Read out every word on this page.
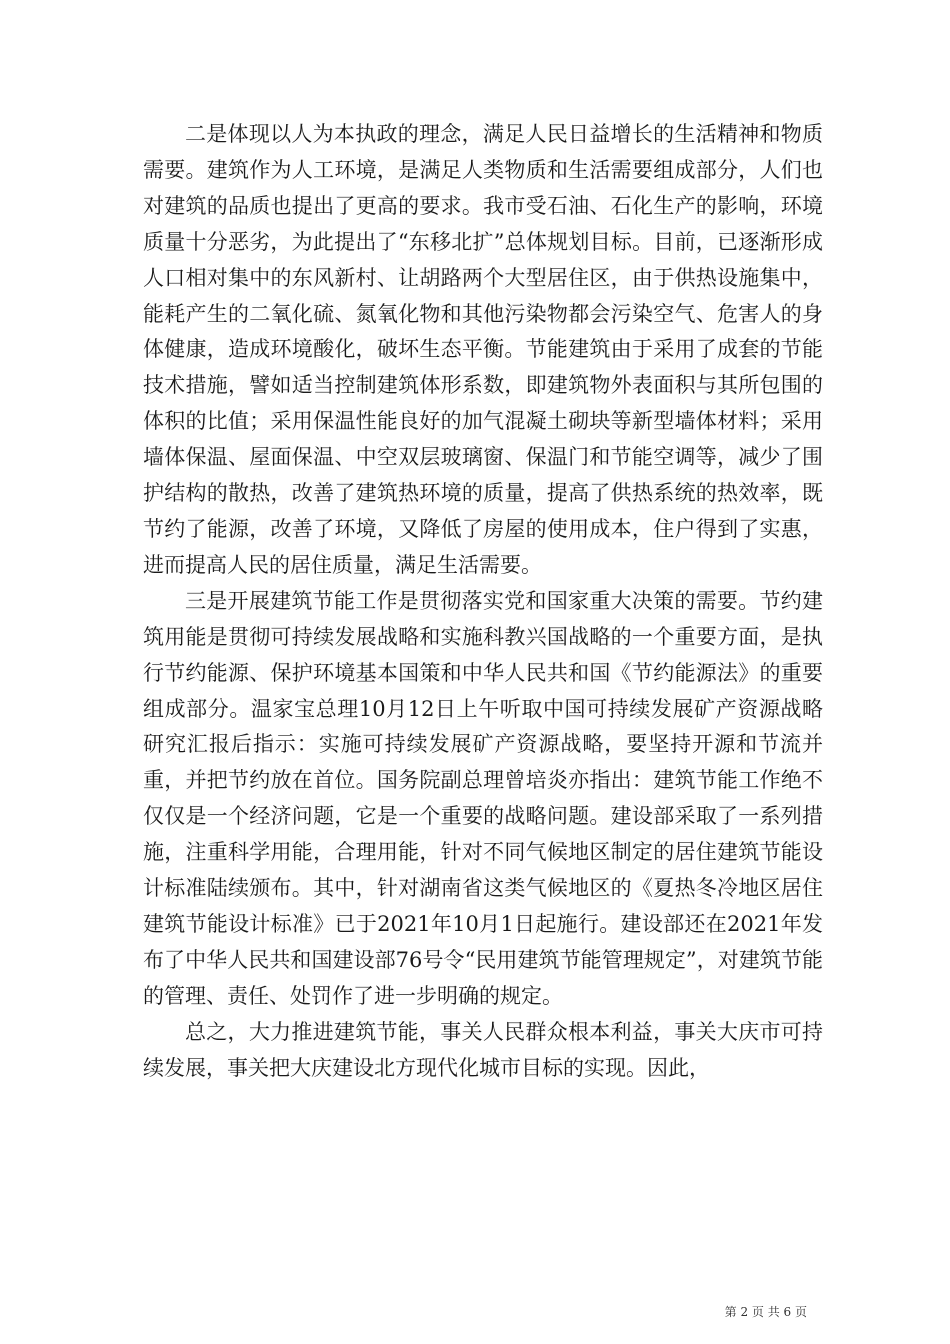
二是体现以人为本执政的理念，满足人民日益增长的生活精神和物质需要。建筑作为人工环境，是满足人类物质和生活需要组成部分，人们也对建筑的品质也提出了更高的要求。我市受石油、石化生产的影响，环境质量十分恶劣，为此提出了“东移北扩”总体规划目标。目前，已逐渐形成人口相对集中的东风新村、让胡路两个大型居住区，由于供热设施集中，能耗产生的二氧化硫、氮氧化物和其他污染物都会污染空气、危害人的身体健康，造成环境酸化，破坏生态平衡。节能建筑由于采用了成套的节能技术措施，譬如适当控制建筑体形系数，即建筑物外表面积与其所包围的体积的比值；采用保温性能良好的加气混凝土砌块等新型墙体材料；采用墙体保温、屋面保温、中空双层玻璃窗、保温门和节能空调等，减少了围护结构的散热，改善了建筑热环境的质量，提高了供热系统的热效率，既节约了能源，改善了环境，又降低了房屋的使用成本，住户得到了实惠，进而提高人民的居住质量，满足生活需要。

三是开展建筑节能工作是贯彻落实党和国家重大决策的需要。节约建筑用能是贯彻可持续发展战略和实施科教兴国战略的一个重要方面，是执行节约能源、保护环境基本国策和中华人民共和国《节约能源法》的重要组成部分。温家宝总理10月12日上午听取中国可持续发展矿产资源战略研究汇报后指示：实施可持续发展矿产资源战略，要坚持开源和节流并重，并把节约放在首位。国务院副总理曾培炎亦指出：建筑节能工作绝不仅仅是一个经济问题，它是一个重要的战略问题。建设部采取了一系列措施，注重科学用能，合理用能，针对不同气候地区制定的居住建筑节能设计标准陆续颁布。其中，针对湖南省这类气候地区的《夏热冬冷地区居住建筑节能设计标准》已于2021年10月1日起施行。建设部还在2021年发布了中华人民共和国建设部76号令“民用建筑节能管理规定”，对建筑节能的管理、责任、处罚作了进一步明确的规定。

总之，大力推进建筑节能，事关人民群众根本利益，事关大庆市可持续发展，事关把大庆建设北方现代化城市目标的实现。因此，

第 2 页 共 6 页
